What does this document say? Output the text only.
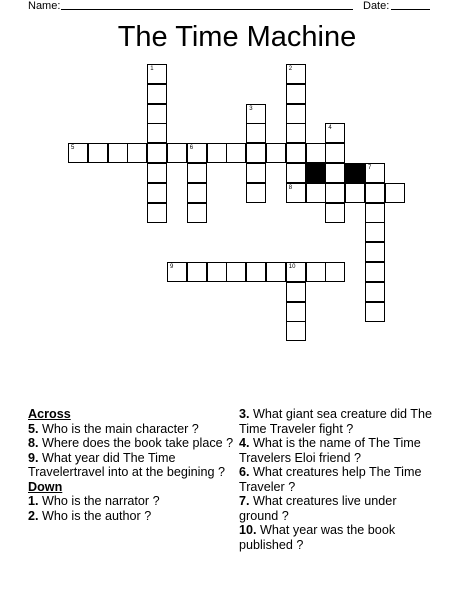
Name:	Date:
The Time Machine
1	2
3
4
5	6
7
8
9	10
Across
5. Who is the main character ?
8. Where does the book take place ?
9. What year did The Time Travelertravel into at the begining ?
Down
1. Who is the narrator ?
2. Who is the author ?
3. What giant sea creature did The Time Traveler fight ?
4. What is the name of The Time Travelers Eloi friend ?
6. What creatures help The Time Traveler ?
7. What creatures live under ground ?
10. What year was the book published ?
